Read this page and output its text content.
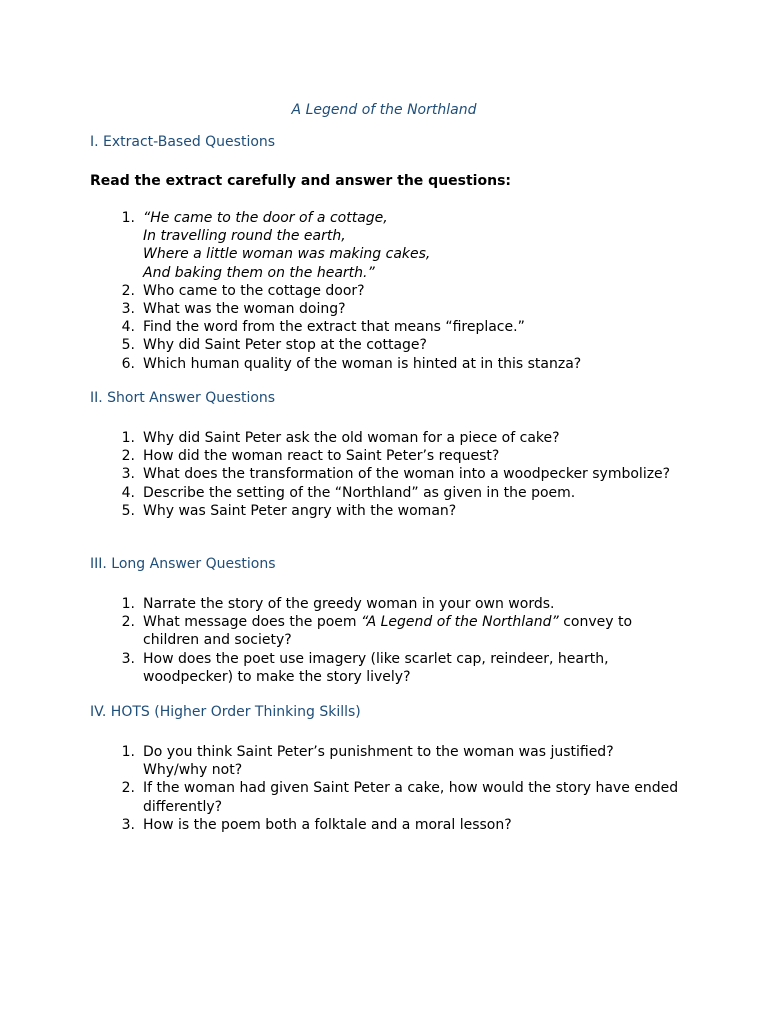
A Legend of the Northland
I. Extract-Based Questions
Read the extract carefully and answer the questions:
1. “He came to the door of a cottage,
In travelling round the earth,
Where a little woman was making cakes,
And baking them on the hearth.”
2. Who came to the cottage door?
3. What was the woman doing?
4. Find the word from the extract that means “fireplace.”
5. Why did Saint Peter stop at the cottage?
6. Which human quality of the woman is hinted at in this stanza?
II. Short Answer Questions
1. Why did Saint Peter ask the old woman for a piece of cake?
2. How did the woman react to Saint Peter’s request?
3. What does the transformation of the woman into a woodpecker symbolize?
4. Describe the setting of the “Northland” as given in the poem.
5. Why was Saint Peter angry with the woman?
III. Long Answer Questions
1. Narrate the story of the greedy woman in your own words.
2. What message does the poem “A Legend of the Northland” convey to children and society?
3. How does the poet use imagery (like scarlet cap, reindeer, hearth, woodpecker) to make the story lively?
IV. HOTS (Higher Order Thinking Skills)
1. Do you think Saint Peter’s punishment to the woman was justified? Why/why not?
2. If the woman had given Saint Peter a cake, how would the story have ended differently?
3. How is the poem both a folktale and a moral lesson?
